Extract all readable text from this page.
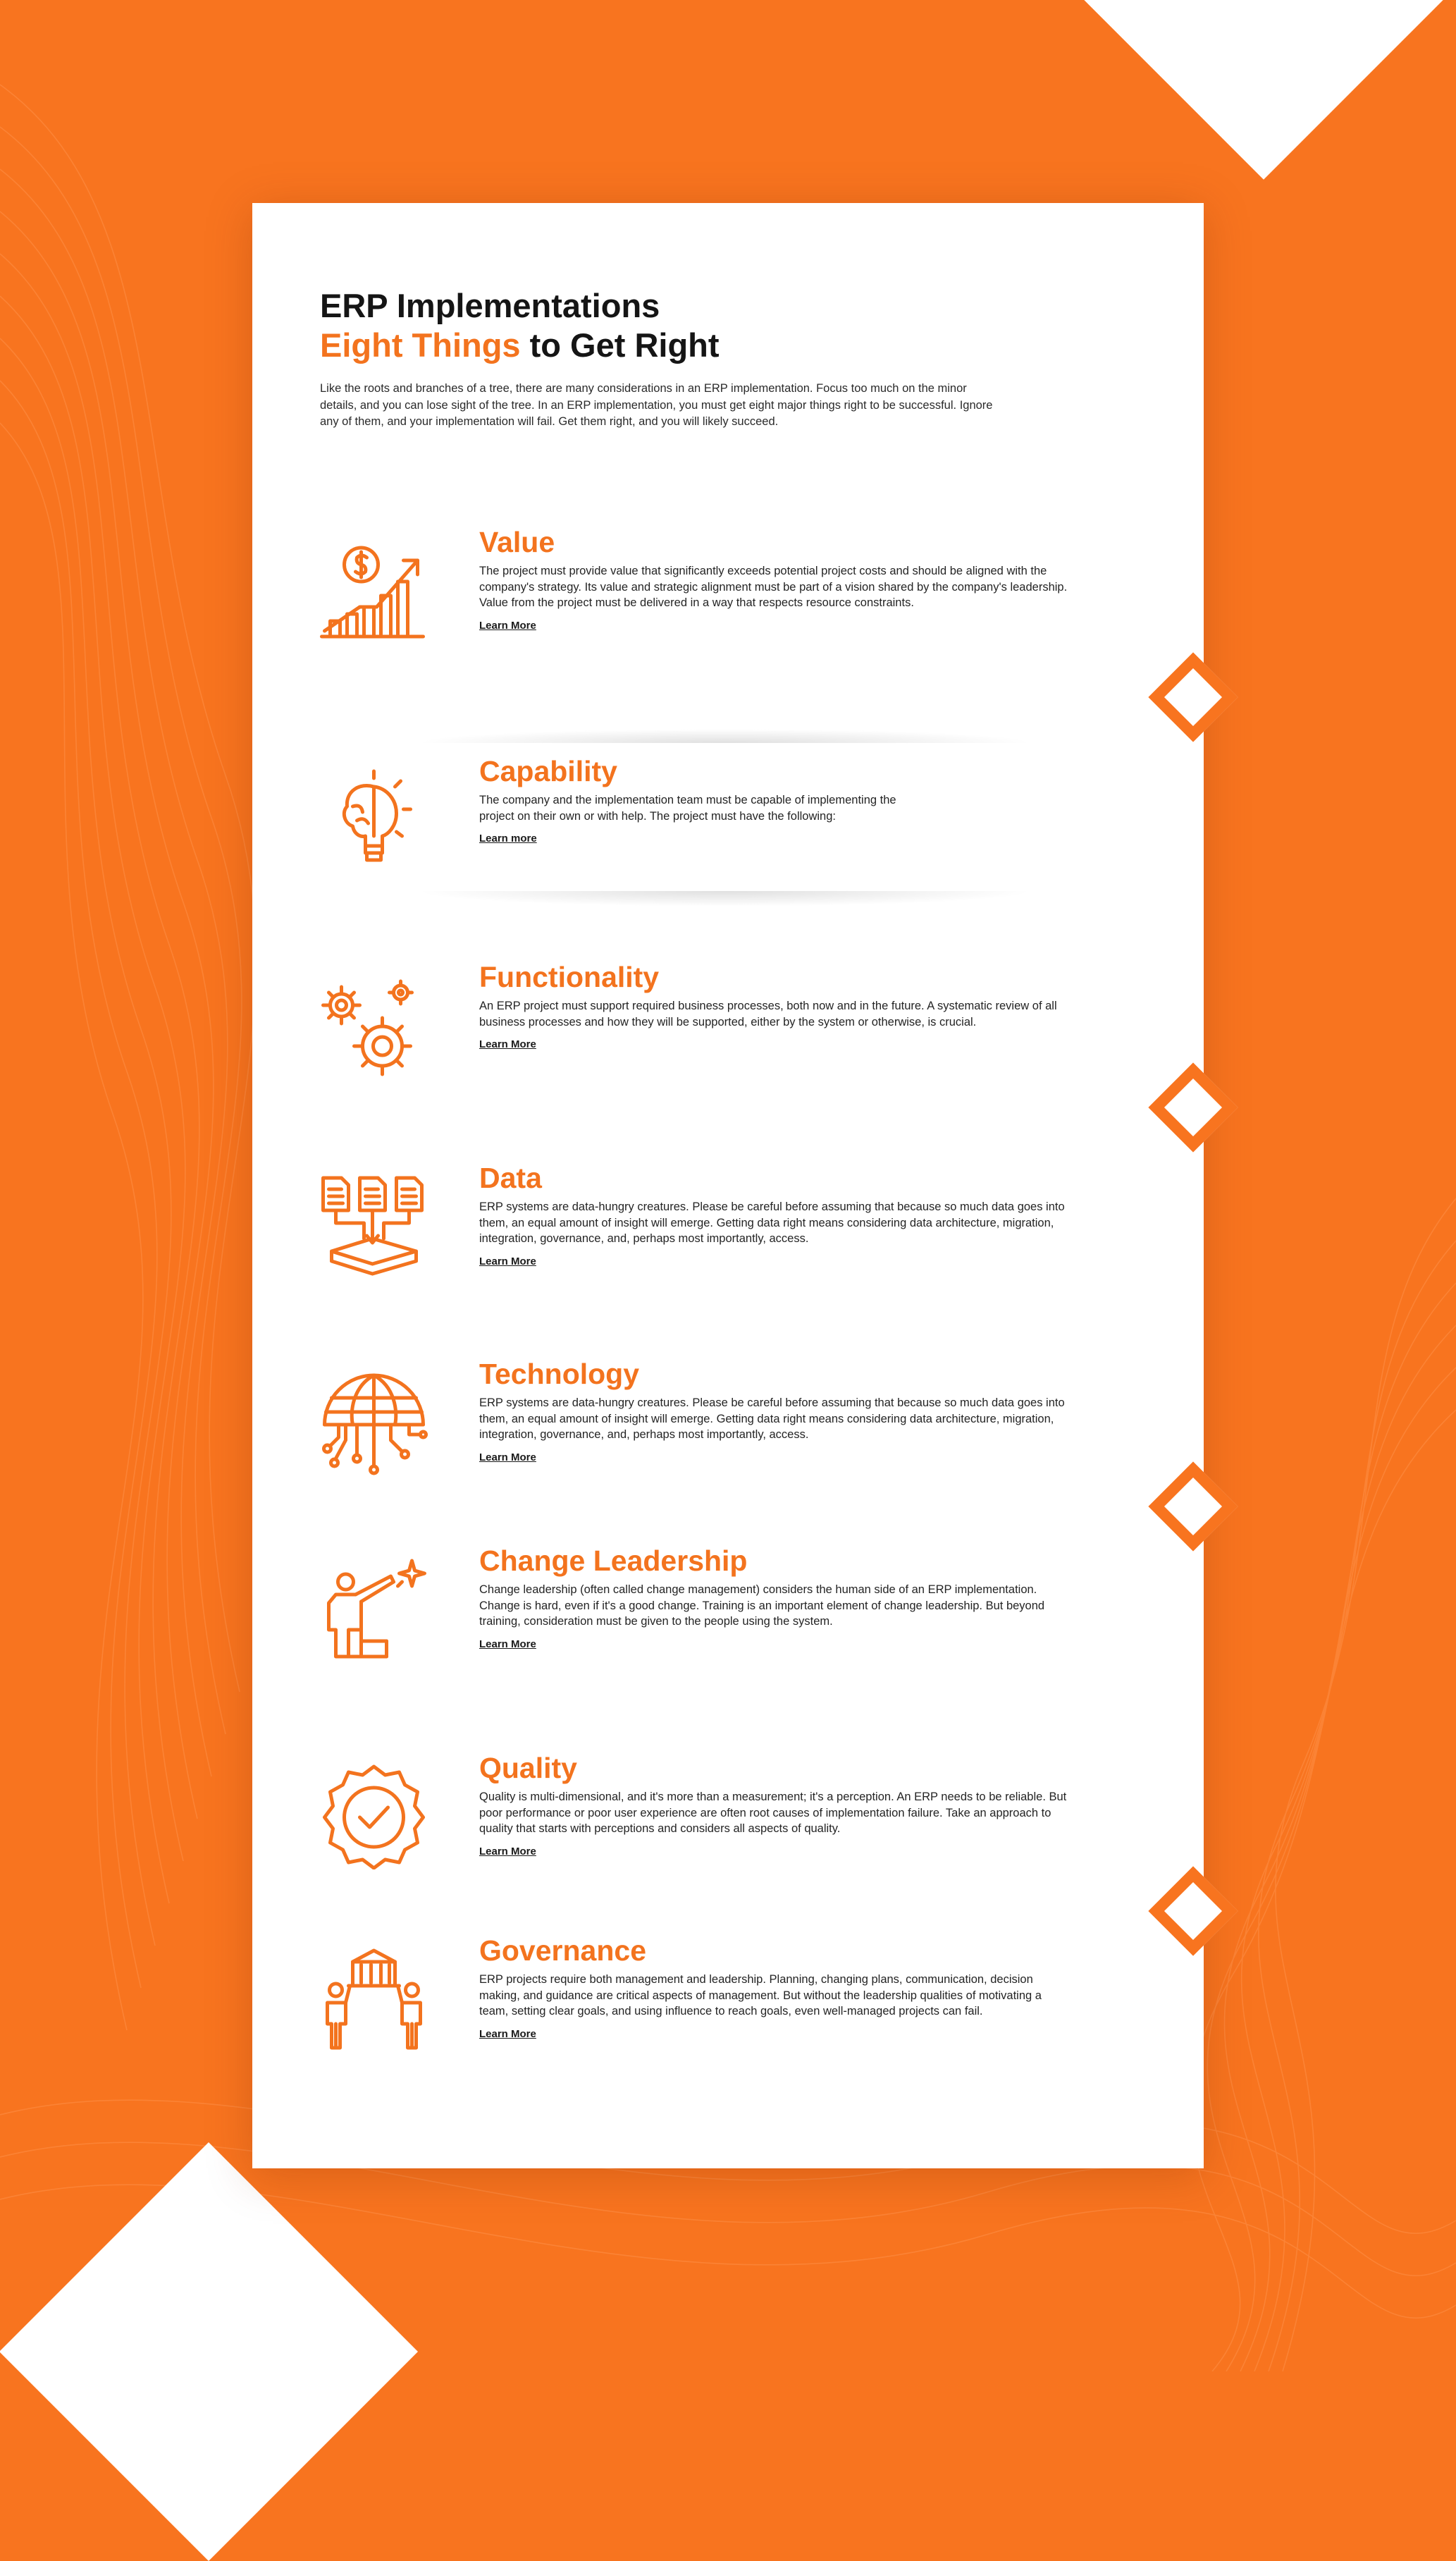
ERP Implementations
Eight Things to Get Right

Like the roots and branches of a tree, there are many considerations in an ERP implementation. Focus too much on the minor details, and you can lose sight of the tree. In an ERP implementation, you must get eight major things right to be successful. Ignore any of them, and your implementation will fail. Get them right, and you will likely succeed.

Value

The project must provide value that significantly exceeds potential project costs and should be aligned with the company's strategy. Its value and strategic alignment must be part of a vision shared by the company's leadership. Value from the project must be delivered in a way that respects resource constraints.

Learn More
Capability

The company and the implementation team must be capable of implementing the project on their own or with help. The project must have the following:

Learn more
Functionality

An ERP project must support required business processes, both now and in the future. A systematic review of all business processes and how they will be supported, either by the system or otherwise, is crucial.

Learn More
Data

ERP systems are data-hungry creatures. Please be careful before assuming that because so much data goes into them, an equal amount of insight will emerge. Getting data right means considering data architecture, migration, integration, governance, and, perhaps most importantly, access.

Learn More
Technology

ERP systems are data-hungry creatures. Please be careful before assuming that because so much data goes into them, an equal amount of insight will emerge. Getting data right means considering data architecture, migration, integration, governance, and, perhaps most importantly, access.

Learn More
Change Leadership

Change leadership (often called change management) considers the human side of an ERP implementation. Change is hard, even if it's a good change. Training is an important element of change leadership. But beyond training, consideration must be given to the people using the system.

Learn More
Quality

Quality is multi-dimensional, and it's more than a measurement; it's a perception. An ERP needs to be reliable. But poor performance or poor user experience are often root causes of implementation failure. Take an approach to quality that starts with perceptions and considers all aspects of quality.

Learn More
Governance

ERP projects require both management and leadership. Planning, changing plans, communication, decision making, and guidance are critical aspects of management. But without the leadership qualities of motivating a team, setting clear goals, and using influence to reach goals, even well-managed projects can fail.

Learn More
